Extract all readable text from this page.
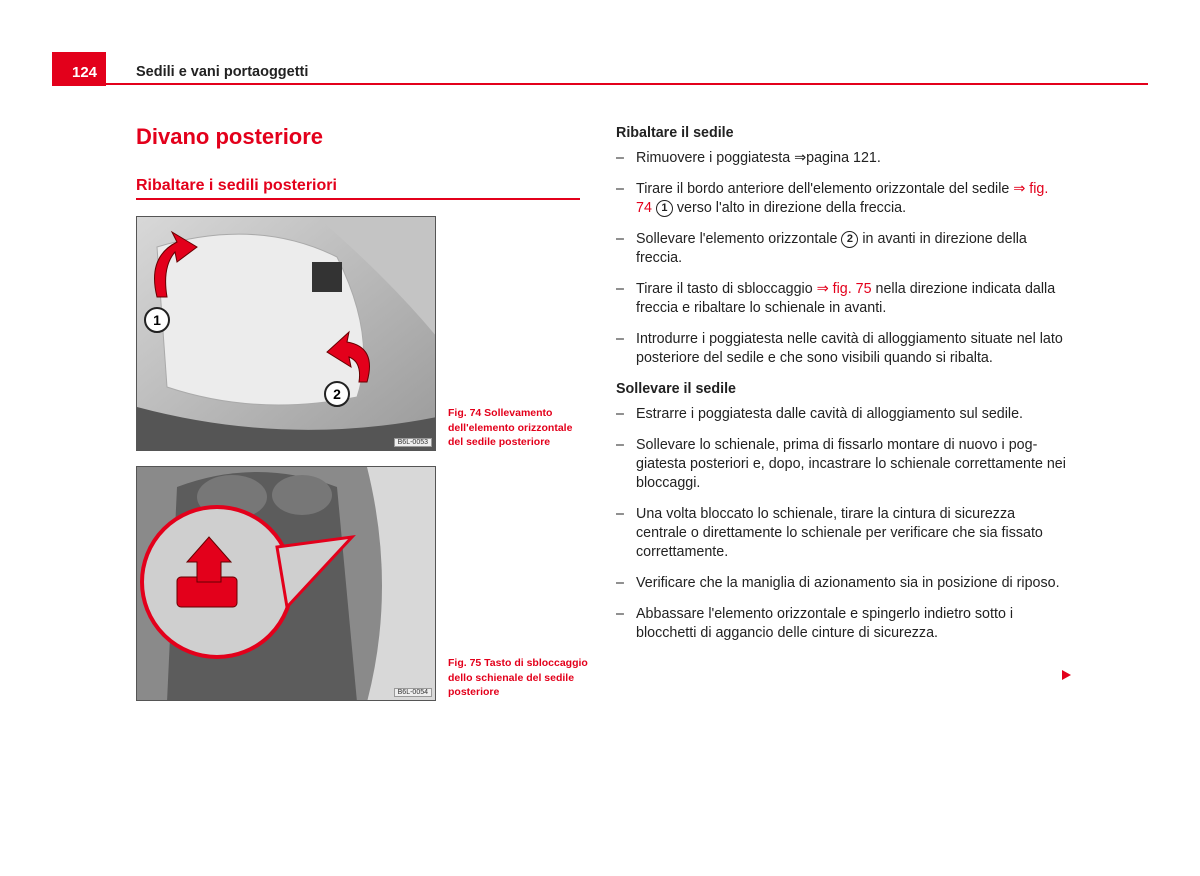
124	Sedili e vani portaoggetti
Divano posteriore
Ribaltare i sedili posteriori
1
2
B6L-0053
Fig. 74 Sollevamento dell'elemento orizzontale del sedile posteriore
B6L-0054
Fig. 75 Tasto di sbloccaggio dello schienale del sedile posteriore
Ribaltare il sedile
– Rimuovere i poggiatesta ⇒pagina 121.
– Tirare il bordo anteriore dell'elemento orizzontale del sedile ⇒ fig. 74 1 verso l'alto in direzione della freccia.
– Sollevare l'elemento orizzontale 2 in avanti in direzione della freccia.
– Tirare il tasto di sbloccaggio ⇒ fig. 75 nella direzione indicata dalla freccia e ribaltare lo schienale in avanti.
– Introdurre i poggiatesta nelle cavità di alloggiamento situate nel lato posteriore del sedile e che sono visibili quando si ribalta.
Sollevare il sedile
– Estrarre i poggiatesta dalle cavità di alloggiamento sul sedile.
– Sollevare lo schienale, prima di fissarlo montare di nuovo i poggiatesta posteriori e, dopo, incastrare lo schienale correttamente nei bloccaggi.
– Una volta bloccato lo schienale, tirare la cintura di sicurezza centrale o direttamente lo schienale per verificare che sia fissato correttamente.
– Verificare che la maniglia di azionamento sia in posizione di riposo.
– Abbassare l'elemento orizzontale e spingerlo indietro sotto i blocchetti di aggancio delle cinture di sicurezza.
